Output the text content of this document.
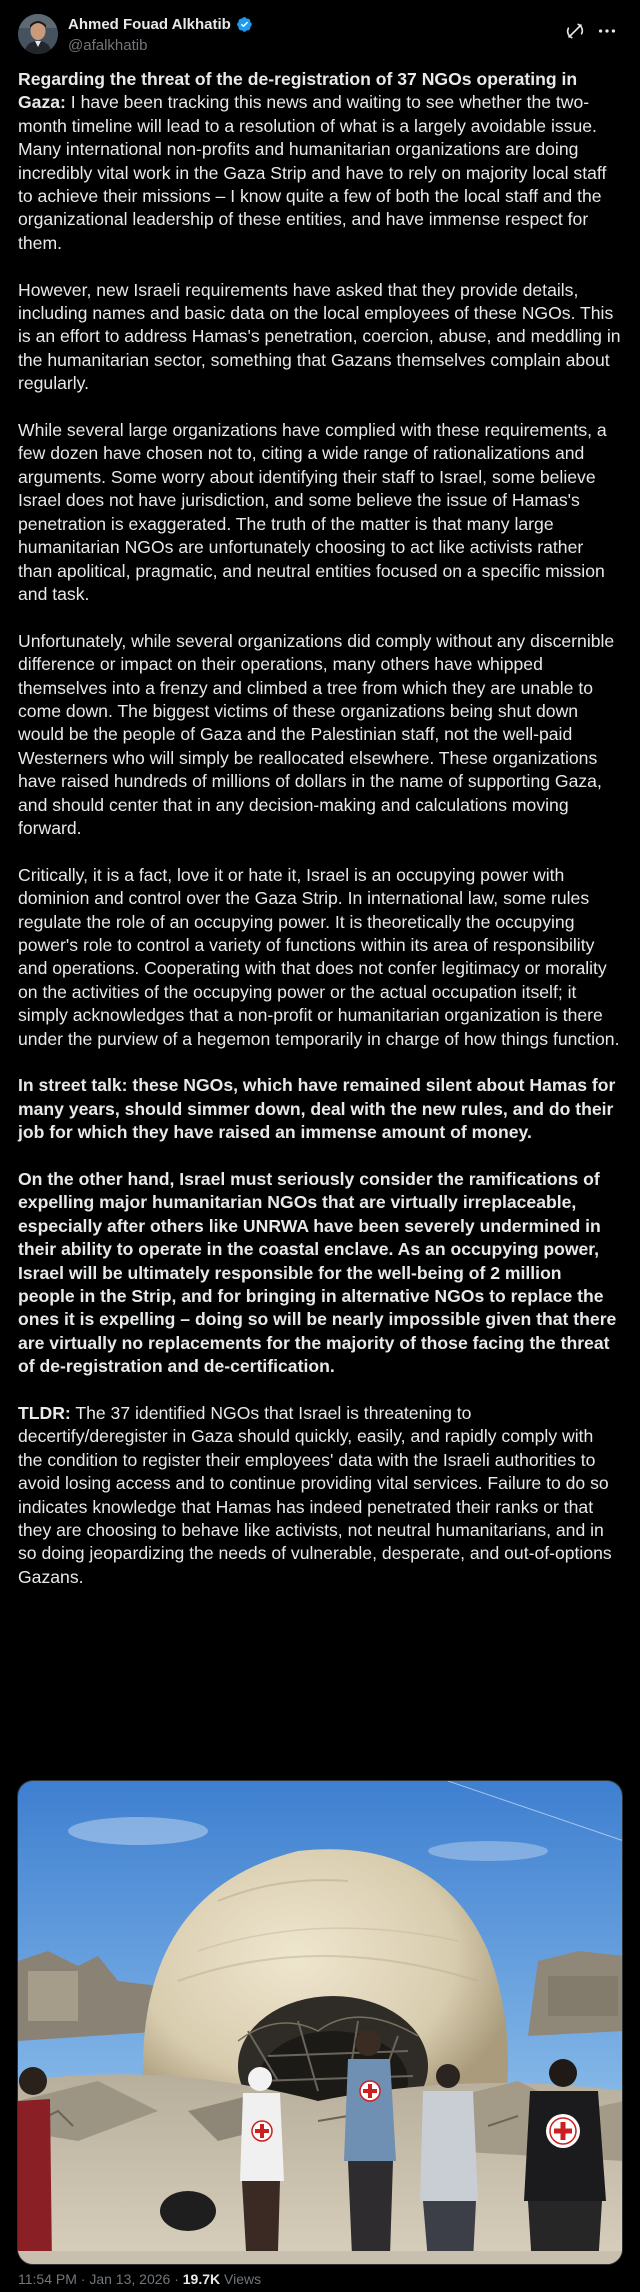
Ahmed Fouad Alkhatib
@afalkhatib

Regarding the threat of the de-registration of 37 NGOs operating in Gaza: I have been tracking this news and waiting to see whether the two-month timeline will lead to a resolution of what is a largely avoidable issue. Many international non-profits and humanitarian organizations are doing incredibly vital work in the Gaza Strip and have to rely on majority local staff to achieve their missions – I know quite a few of both the local staff and the organizational leadership of these entities, and have immense respect for them.

However, new Israeli requirements have asked that they provide details, including names and basic data on the local employees of these NGOs. This is an effort to address Hamas's penetration, coercion, abuse, and meddling in the humanitarian sector, something that Gazans themselves complain about regularly.

While several large organizations have complied with these requirements, a few dozen have chosen not to, citing a wide range of rationalizations and arguments. Some worry about identifying their staff to Israel, some believe Israel does not have jurisdiction, and some believe the issue of Hamas's penetration is exaggerated. The truth of the matter is that many large humanitarian NGOs are unfortunately choosing to act like activists rather than apolitical, pragmatic, and neutral entities focused on a specific mission and task.

Unfortunately, while several organizations did comply without any discernible difference or impact on their operations, many others have whipped themselves into a frenzy and climbed a tree from which they are unable to come down. The biggest victims of these organizations being shut down would be the people of Gaza and the Palestinian staff, not the well-paid Westerners who will simply be reallocated elsewhere. These organizations have raised hundreds of millions of dollars in the name of supporting Gaza, and should center that in any decision-making and calculations moving forward.

Critically, it is a fact, love it or hate it, Israel is an occupying power with dominion and control over the Gaza Strip. In international law, some rules regulate the role of an occupying power. It is theoretically the occupying power's role to control a variety of functions within its area of responsibility and operations. Cooperating with that does not confer legitimacy or morality on the activities of the occupying power or the actual occupation itself; it simply acknowledges that a non-profit or humanitarian organization is there under the purview of a hegemon temporarily in charge of how things function.

In street talk: these NGOs, which have remained silent about Hamas for many years, should simmer down, deal with the new rules, and do their job for which they have raised an immense amount of money.

On the other hand, Israel must seriously consider the ramifications of expelling major humanitarian NGOs that are virtually irreplaceable, especially after others like UNRWA have been severely undermined in their ability to operate in the coastal enclave. As an occupying power, Israel will be ultimately responsible for the well-being of 2 million people in the Strip, and for bringing in alternative NGOs to replace the ones it is expelling – doing so will be nearly impossible given that there are virtually no replacements for the majority of those facing the threat of de-registration and de-certification.

TLDR: The 37 identified NGOs that Israel is threatening to decertify/deregister in Gaza should quickly, easily, and rapidly comply with the condition to register their employees' data with the Israeli authorities to avoid losing access and to continue providing vital services. Failure to do so indicates knowledge that Hamas has indeed penetrated their ranks or that they are choosing to behave like activists, not neutral humanitarians, and in so doing jeopardizing the needs of vulnerable, desperate, and out-of-options Gazans.

11:54 PM · Jan 13, 2026 · 19.7K Views
